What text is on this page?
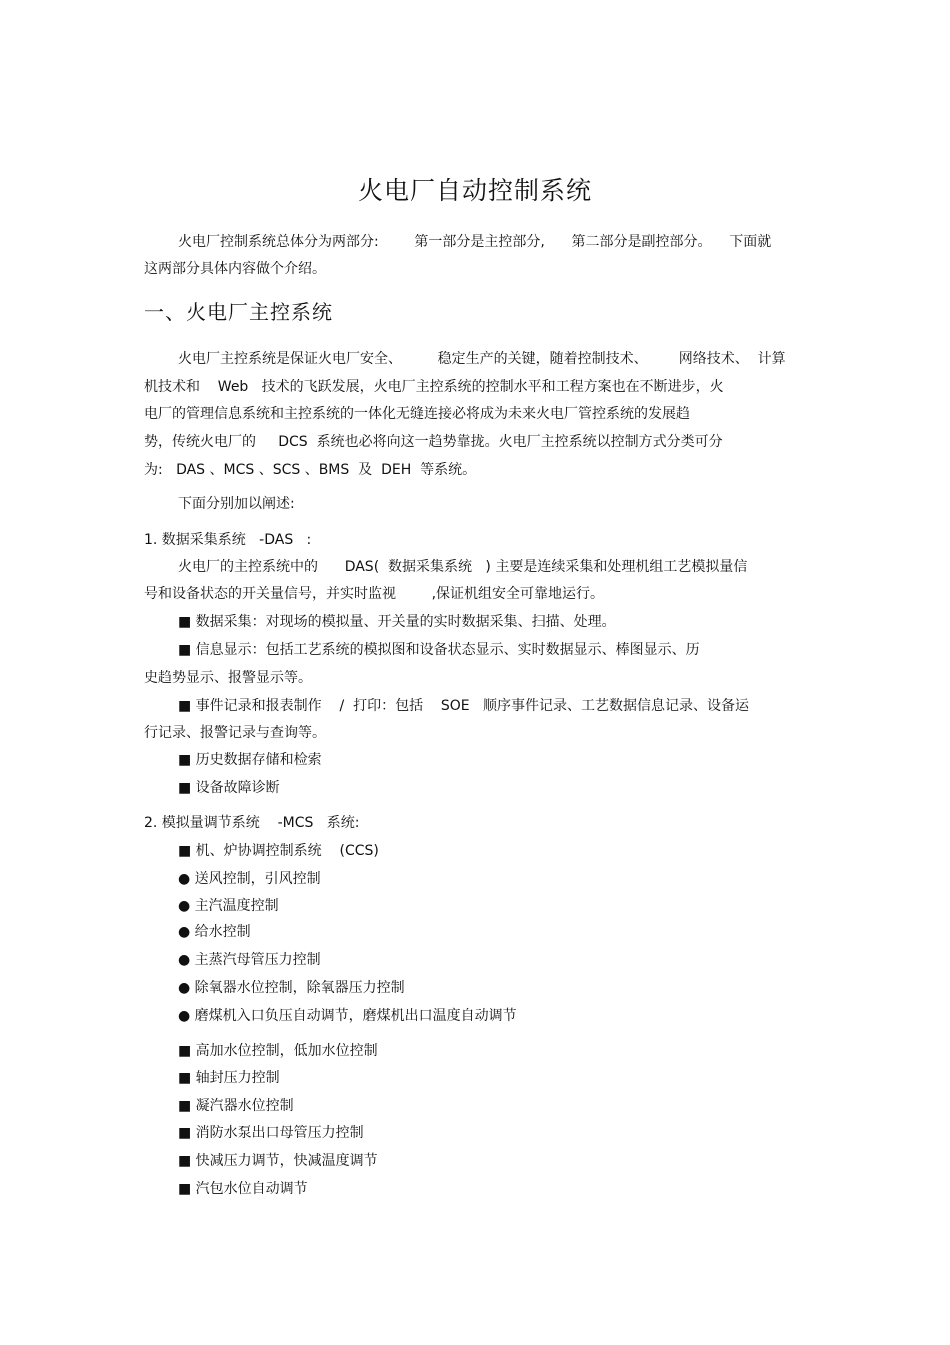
火电厂自动控制系统
火电厂控制系统总体分为两部分:        第一部分是主控部分,      第二部分是副控部分。    下面就
这两部分具体内容做个介绍。
一、火电厂主控系统
火电厂主控系统是保证火电厂安全、        稳定生产的关键，随着控制技术、       网络技术、  计算
机技术和    Web   技术的飞跃发展，火电厂主控系统的控制水平和工程方案也在不断进步，火
电厂的管理信息系统和主控系统的一体化无缝连接必将成为未来火电厂管控系统的发展趋
势，传统火电厂的     DCS  系统也必将向这一趋势靠拢。火电厂主控系统以控制方式分类可分
为:   DAS 、MCS 、SCS 、BMS  及  DEH  等系统。
下面分别加以阐述:
1. 数据采集系统   -DAS   :
火电厂的主控系统中的      DAS(  数据采集系统   ) 主要是连续采集和处理机组工艺模拟量信
号和设备状态的开关量信号，并实时监视        ,保证机组安全可靠地运行。
■ 数据采集：对现场的模拟量、开关量的实时数据采集、扫描、处理。
■ 信息显示：包括工艺系统的模拟图和设备状态显示、实时数据显示、棒图显示、历
史趋势显示、报警显示等。
■ 事件记录和报表制作    /  打印：包括    SOE   顺序事件记录、工艺数据信息记录、设备运
行记录、报警记录与查询等。
■ 历史数据存储和检索
■ 设备故障诊断
2. 模拟量调节系统    -MCS   系统:
■ 机、炉协调控制系统    (CCS)
● 送风控制，引风控制
● 主汽温度控制
● 给水控制
● 主蒸汽母管压力控制
● 除氧器水位控制，除氧器压力控制
● 磨煤机入口负压自动调节，磨煤机出口温度自动调节
■ 高加水位控制，低加水位控制
■ 轴封压力控制
■ 凝汽器水位控制
■ 消防水泵出口母管压力控制
■ 快减压力调节，快减温度调节
■ 汽包水位自动调节
